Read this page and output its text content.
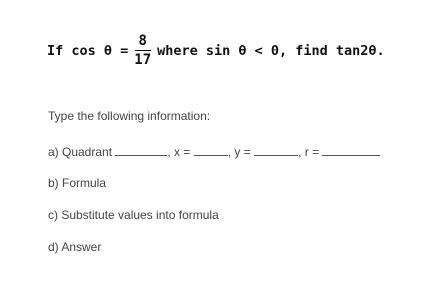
If $\cos \theta = \frac{8}{17}$ where sin θ < 0, find tan2θ.
Type the following information:
a) Quadrant	, x =	, y =	, r =
b) Formula
c) Substitute values into formula
d) Answer
